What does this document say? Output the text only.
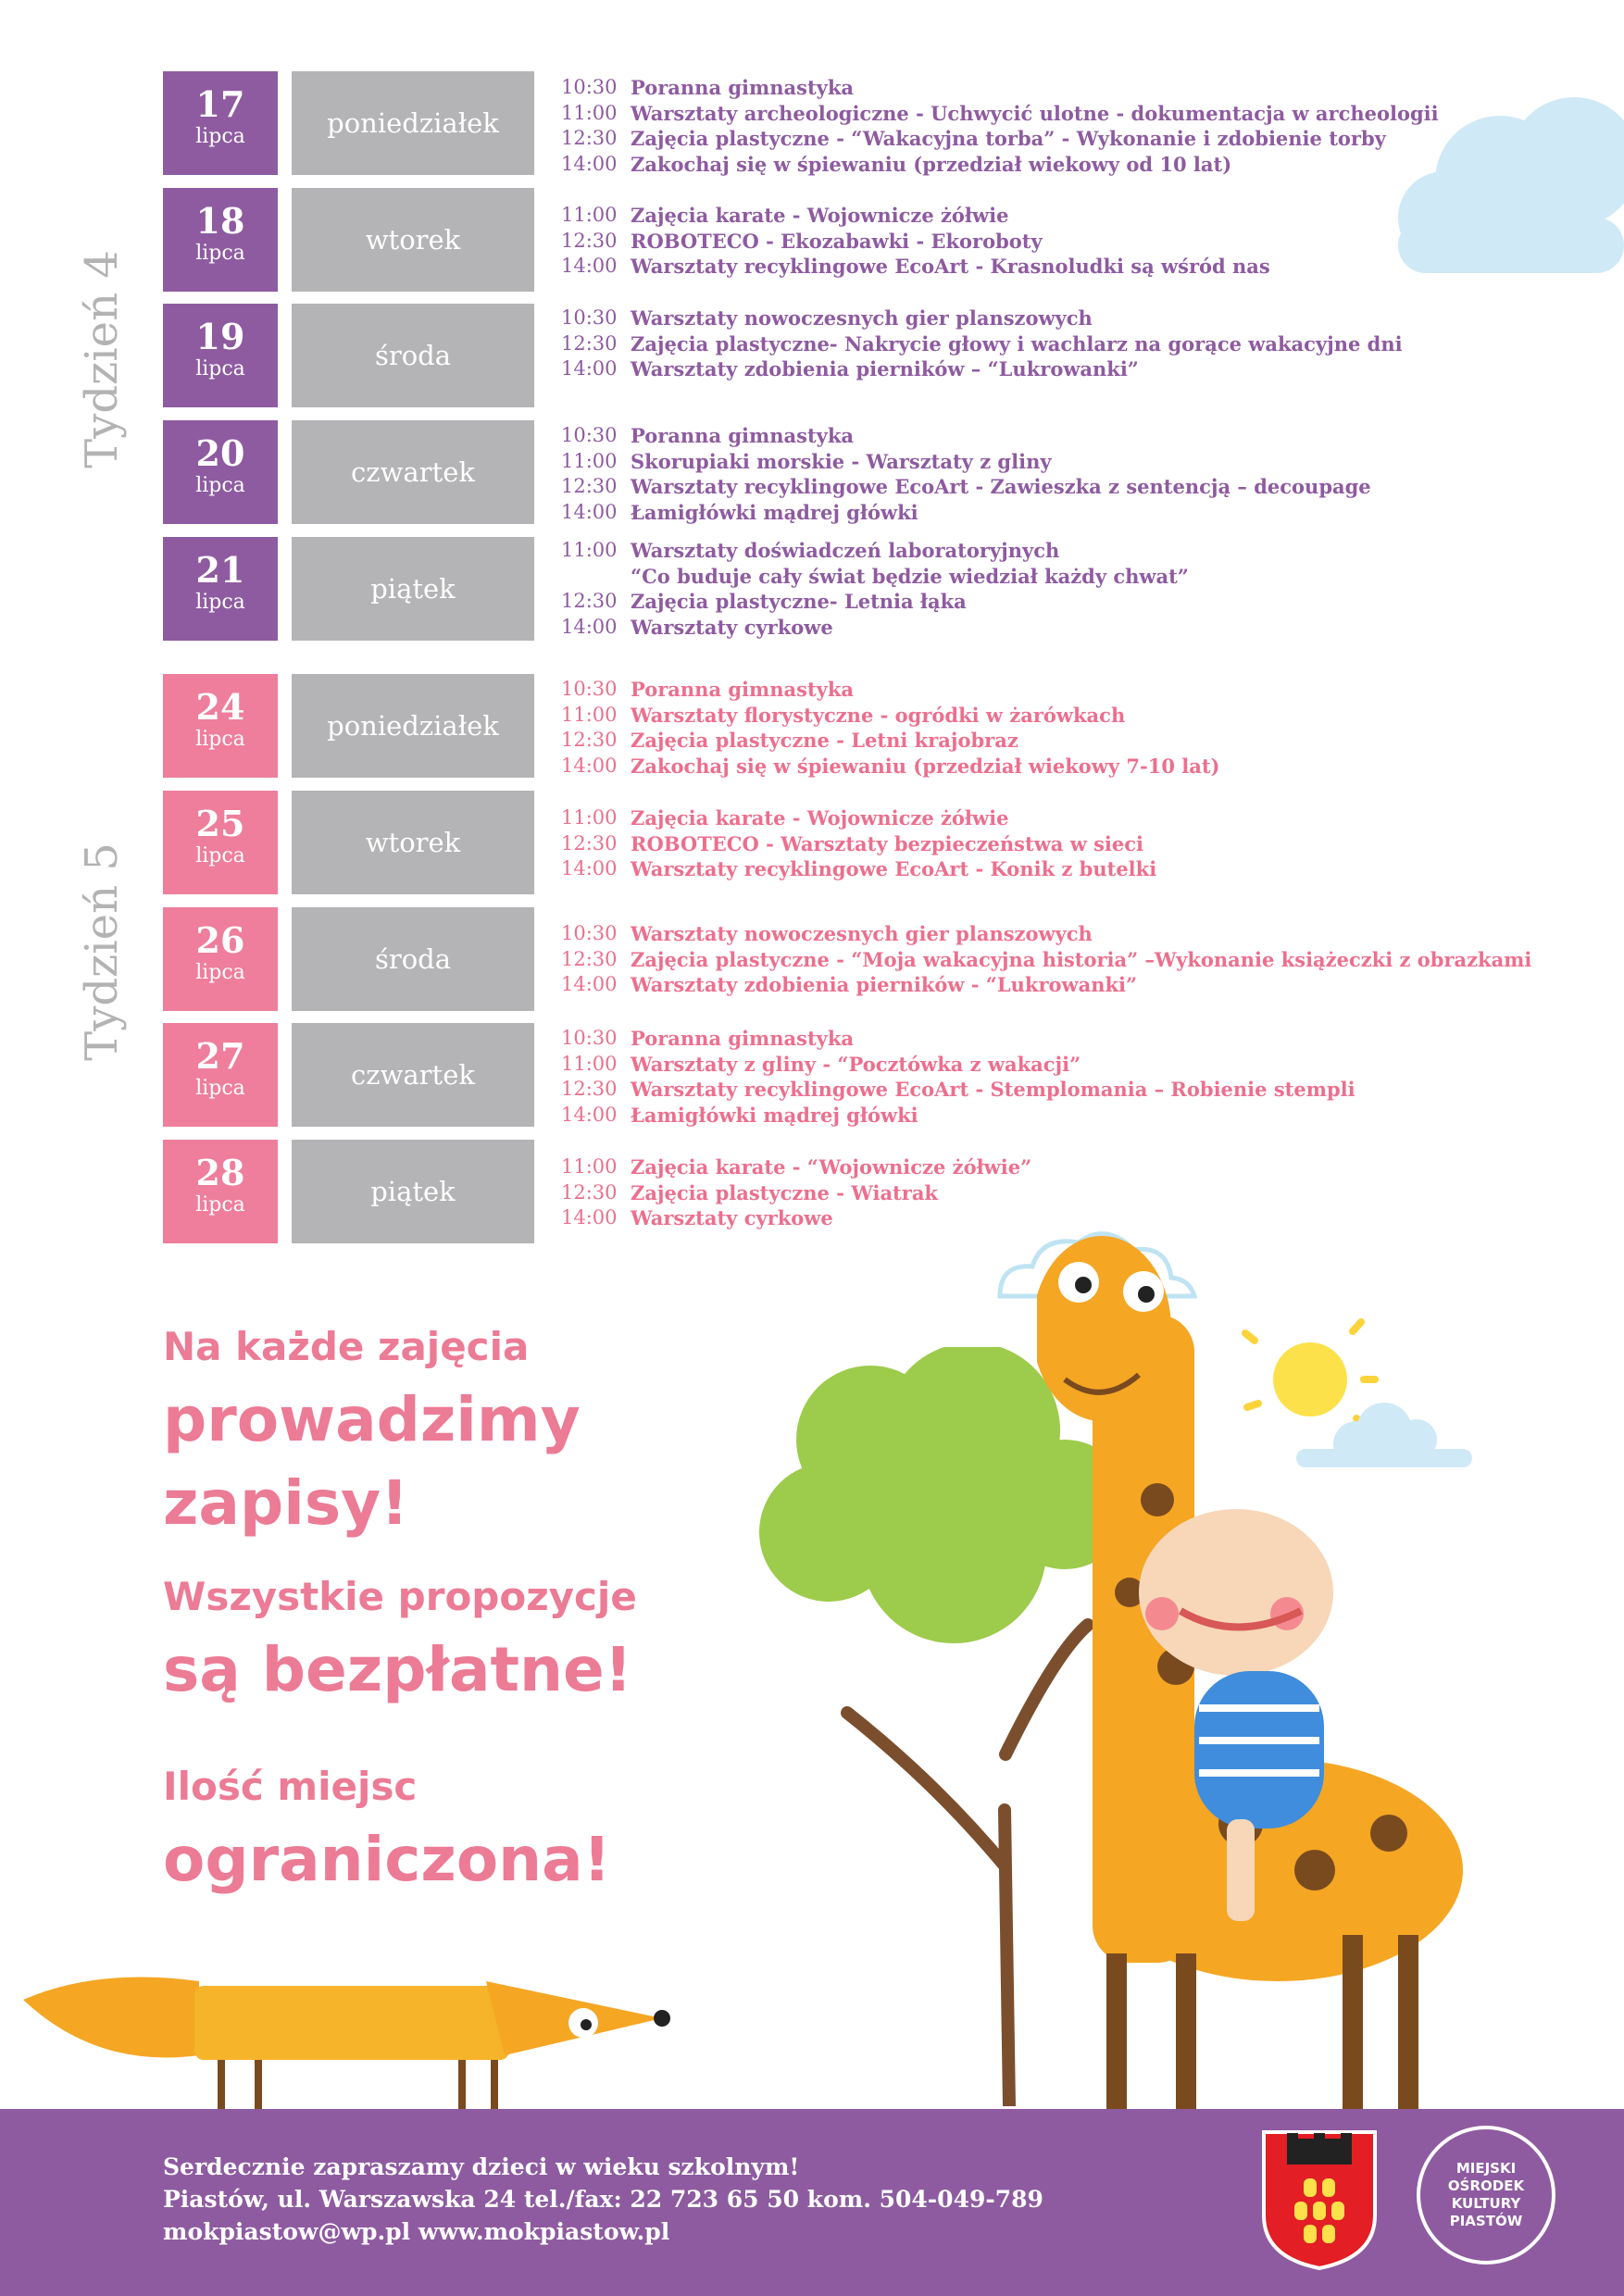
Tydzień 4
Tydzień 5
17
lipca	poniedziałek
10:30 Poranna gimnastyka
11:00 Warsztaty archeologiczne - Uchwycić ulotne - dokumentacja w archeologii
12:30 Zajęcia plastyczne - “Wakacyjna torba” - Wykonanie i zdobienie torby
14:00 Zakochaj się w śpiewaniu (przedział wiekowy od 10 lat)
18
lipca	wtorek
11:00 Zajęcia karate - Wojownicze żółwie
12:30 ROBOTECO - Ekozabawki - Ekoroboty
14:00 Warsztaty recyklingowe EcoArt - Krasnoludki są wśród nas
19
lipca	środa
10:30 Warsztaty nowoczesnych gier planszowych
12:30 Zajęcia plastyczne- Nakrycie głowy i wachlarz na gorące wakacyjne dni
14:00 Warsztaty zdobienia pierników – “Lukrowanki”
20
lipca	czwartek
10:30 Poranna gimnastyka
11:00 Skorupiaki morskie - Warsztaty z gliny
12:30 Warsztaty recyklingowe EcoArt - Zawieszka z sentencją – decoupage
14:00 Łamigłówki mądrej główki
21
lipca	piątek
11:00 Warsztaty doświadczeń laboratoryjnych
“Co buduje cały świat będzie wiedział każdy chwat”
12:30 Zajęcia plastyczne- Letnia łąka
14:00 Warsztaty cyrkowe
24
lipca	poniedziałek
10:30 Poranna gimnastyka
11:00 Warsztaty florystyczne - ogródki w żarówkach
12:30 Zajęcia plastyczne - Letni krajobraz
14:00 Zakochaj się w śpiewaniu (przedział wiekowy 7-10 lat)
25
lipca	wtorek
11:00 Zajęcia karate - Wojownicze żółwie
12:30 ROBOTECO - Warsztaty bezpieczeństwa w sieci
14:00 Warsztaty recyklingowe EcoArt - Konik z butelki
26
lipca	środa
10:30 Warsztaty nowoczesnych gier planszowych
12:30 Zajęcia plastyczne - “Moja wakacyjna historia” –Wykonanie książeczki z obrazkami
14:00 Warsztaty zdobienia pierników - “Lukrowanki”
27
lipca	czwartek
10:30 Poranna gimnastyka
11:00 Warsztaty z gliny - “Pocztówka z wakacji”
12:30 Warsztaty recyklingowe EcoArt - Stemplomania – Robienie stempli
14:00 Łamigłówki mądrej główki
28
lipca	piątek
11:00 Zajęcia karate - “Wojownicze żółwie”
12:30 Zajęcia plastyczne - Wiatrak
14:00 Warsztaty cyrkowe
Na każde zajęcia
prowadzimy
zapisy!
Wszystkie propozycje
są bezpłatne!
Ilość miejsc
ograniczona!
Serdecznie zapraszamy dzieci w wieku szkolnym!
Piastów, ul. Warszawska 24 tel./fax: 22 723 65 50 kom. 504-049-789
mokpiastow@wp.pl www.mokpiastow.pl
MIEJSKI OŚRODEK KULTURY PIASTÓW
